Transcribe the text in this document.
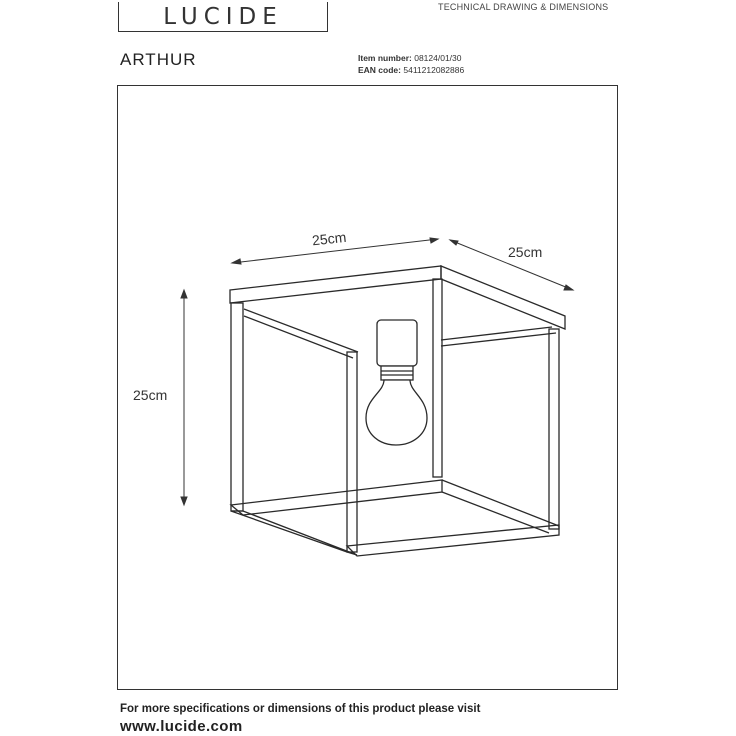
LUCIDE	TECHNICAL DRAWING & DIMENSIONS
ARTHUR	Item number: 08124/01/30
EAN code: 5411212082886
25cm
25cm
25cm
For more specifications or dimensions of this product please visit
www.lucide.com
